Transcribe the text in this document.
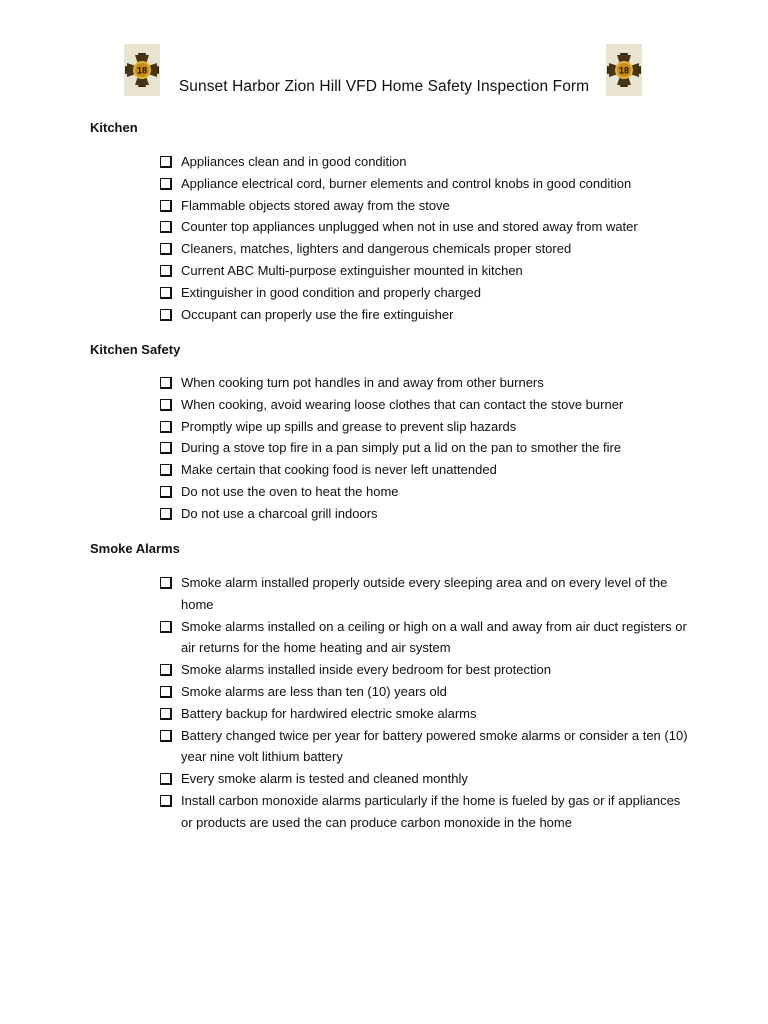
18
Sunset Harbor Zion Hill VFD Home Safety Inspection Form
18
Kitchen
Appliances clean and in good condition
Appliance electrical cord, burner elements and control knobs in good condition
Flammable objects stored away from the stove
Counter top appliances unplugged when not in use and stored away from water
Cleaners, matches, lighters and dangerous chemicals proper stored
Current ABC Multi-purpose extinguisher mounted in kitchen
Extinguisher in good condition and properly charged
Occupant can properly use the fire extinguisher
Kitchen Safety
When cooking turn pot handles in and away from other burners
When cooking, avoid wearing loose clothes that can contact the stove burner
Promptly wipe up spills and grease to prevent slip hazards
During a stove top fire in a pan simply put a lid on the pan to smother the fire
Make certain that cooking food is never left unattended
Do not use the oven to heat the home
Do not use a charcoal grill indoors
Smoke Alarms
Smoke alarm installed properly outside every sleeping area and on every level of the home
Smoke alarms installed on a ceiling or high on a wall and away from air duct registers or air returns for the home heating and air system
Smoke alarms installed inside every bedroom for best protection
Smoke alarms are less than ten (10) years old
Battery backup for hardwired electric smoke alarms
Battery changed twice per year for battery powered smoke alarms or consider a ten (10) year nine volt lithium battery
Every smoke alarm is tested and cleaned monthly
Install carbon monoxide alarms particularly if the home is fueled by gas or if appliances or products are used the can produce carbon monoxide in the home
